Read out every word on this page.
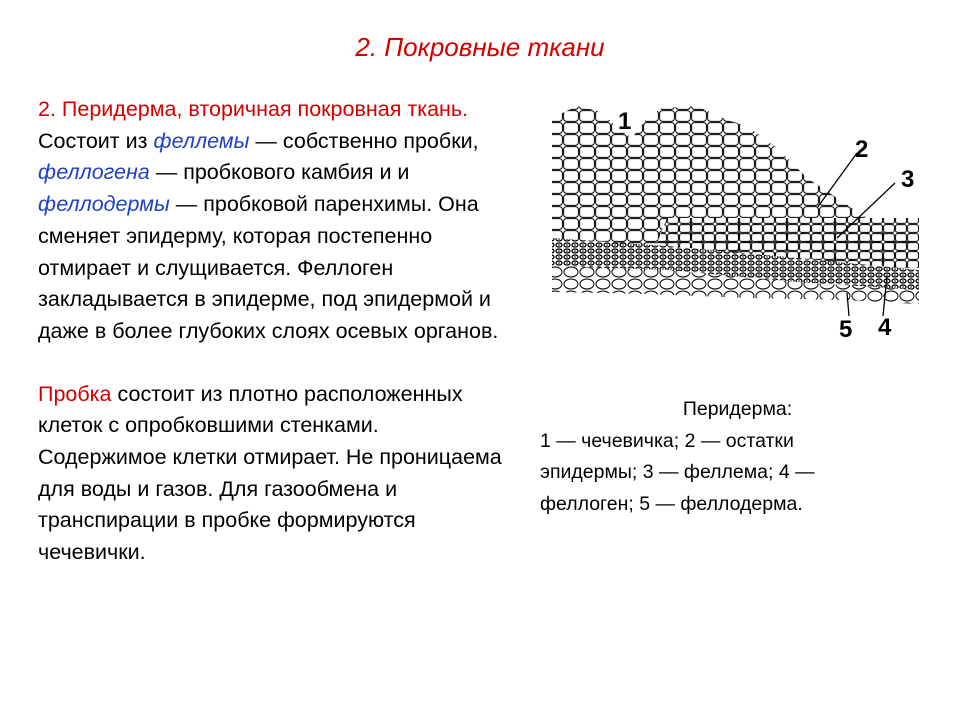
2. Покровные ткани

2. Перидерма, вторичная покровная ткань.

Состоит из феллемы — собственно пробки, феллогена — пробкового камбия и и феллодермы — пробковой паренхимы. Она сменяет эпидерму, которая постепенно отмирает и слущивается. Феллоген закладывается в эпидерме, под эпидермой и даже в более глубоких слоях осевых органов.

Пробка состоит из плотно расположенных клеток с опробковшими стенками. Содержимое клетки отмирает. Не проницаема для воды и газов. Для газообмена и транспирации в пробке формируются чечевички.

1
2
3
4
5
Перидерма:
1 — чечевичка; 2 — остатки
эпидермы; 3 — феллема; 4 —
феллоген; 5 — феллодерма.
